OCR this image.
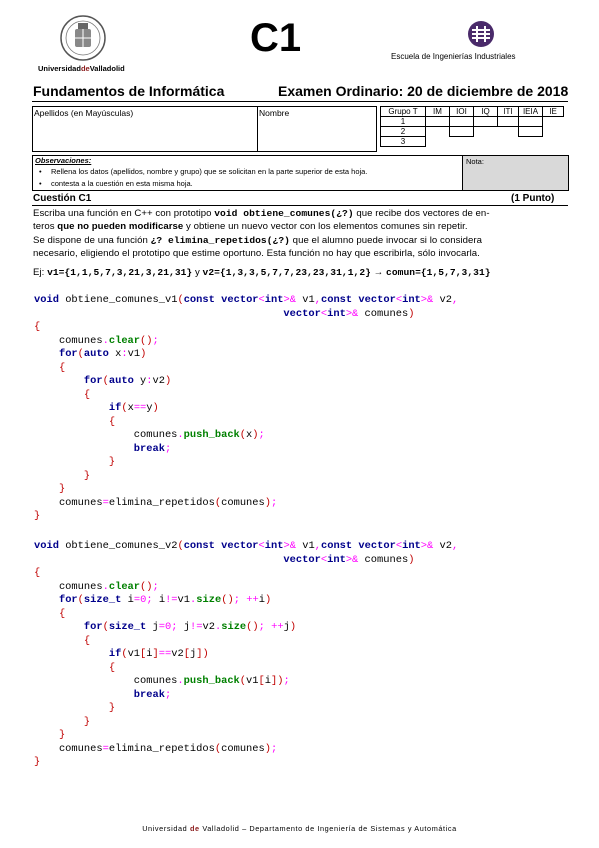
UniversidaddeValladolid
C1	Escuela de Ingenierías Industriales
Fundamentos de Informática	Examen Ordinario: 20 de diciembre de 2018
Apellidos (en Mayúsculas)	Nombre	Grupo T	IM	IOI	IQ	ITI	IEIA	IE
1						
2						
3						
Observaciones:
• Rellena los datos (apellidos, nombre y grupo) que se solicitan en la parte superior de esta hoja.
• contesta a la cuestión en esta misma hoja.
Nota:
Cuestión C1	(1 Punto)
Escriba una función en C++ con prototipo void obtiene_comunes(¿?) que recibe dos vectores de en-
teros que no pueden modificarse y obtiene un nuevo vector con los elementos comunes sin repetir.
Se dispone de una función ¿? elimina_repetidos(¿?) que el alumno puede invocar si lo considera
necesario, eligiendo el prototipo que estime oportuno. Esta función no hay que escribirla, sólo invocarla.
Ej: v1={1,1,5,7,3,21,3,21,31} y v2={1,3,3,5,7,7,23,23,31,1,2} → comun={1,5,7,3,31}
void obtiene_comunes_v1(const vector<int>& v1,const vector<int>& v2,
vector<int>& comunes)
{
comunes.clear();
for(auto x:v1)
{
for(auto y:v2)
{
if(x==y)
{
comunes.push_back(x);
break;
}
}
}
comunes=elimina_repetidos(comunes);
}
void obtiene_comunes_v2(const vector<int>& v1,const vector<int>& v2,
vector<int>& comunes)
{
comunes.clear();
for(size_t i=0; i!=v1.size(); ++i)
{
for(size_t j=0; j!=v2.size(); ++j)
{
if(v1[i]==v2[j])
{
comunes.push_back(v1[i]);
break;
}
}
}
comunes=elimina_repetidos(comunes);
}
Universidad de Valladolid – Departamento de Ingeniería de Sistemas y Automática
